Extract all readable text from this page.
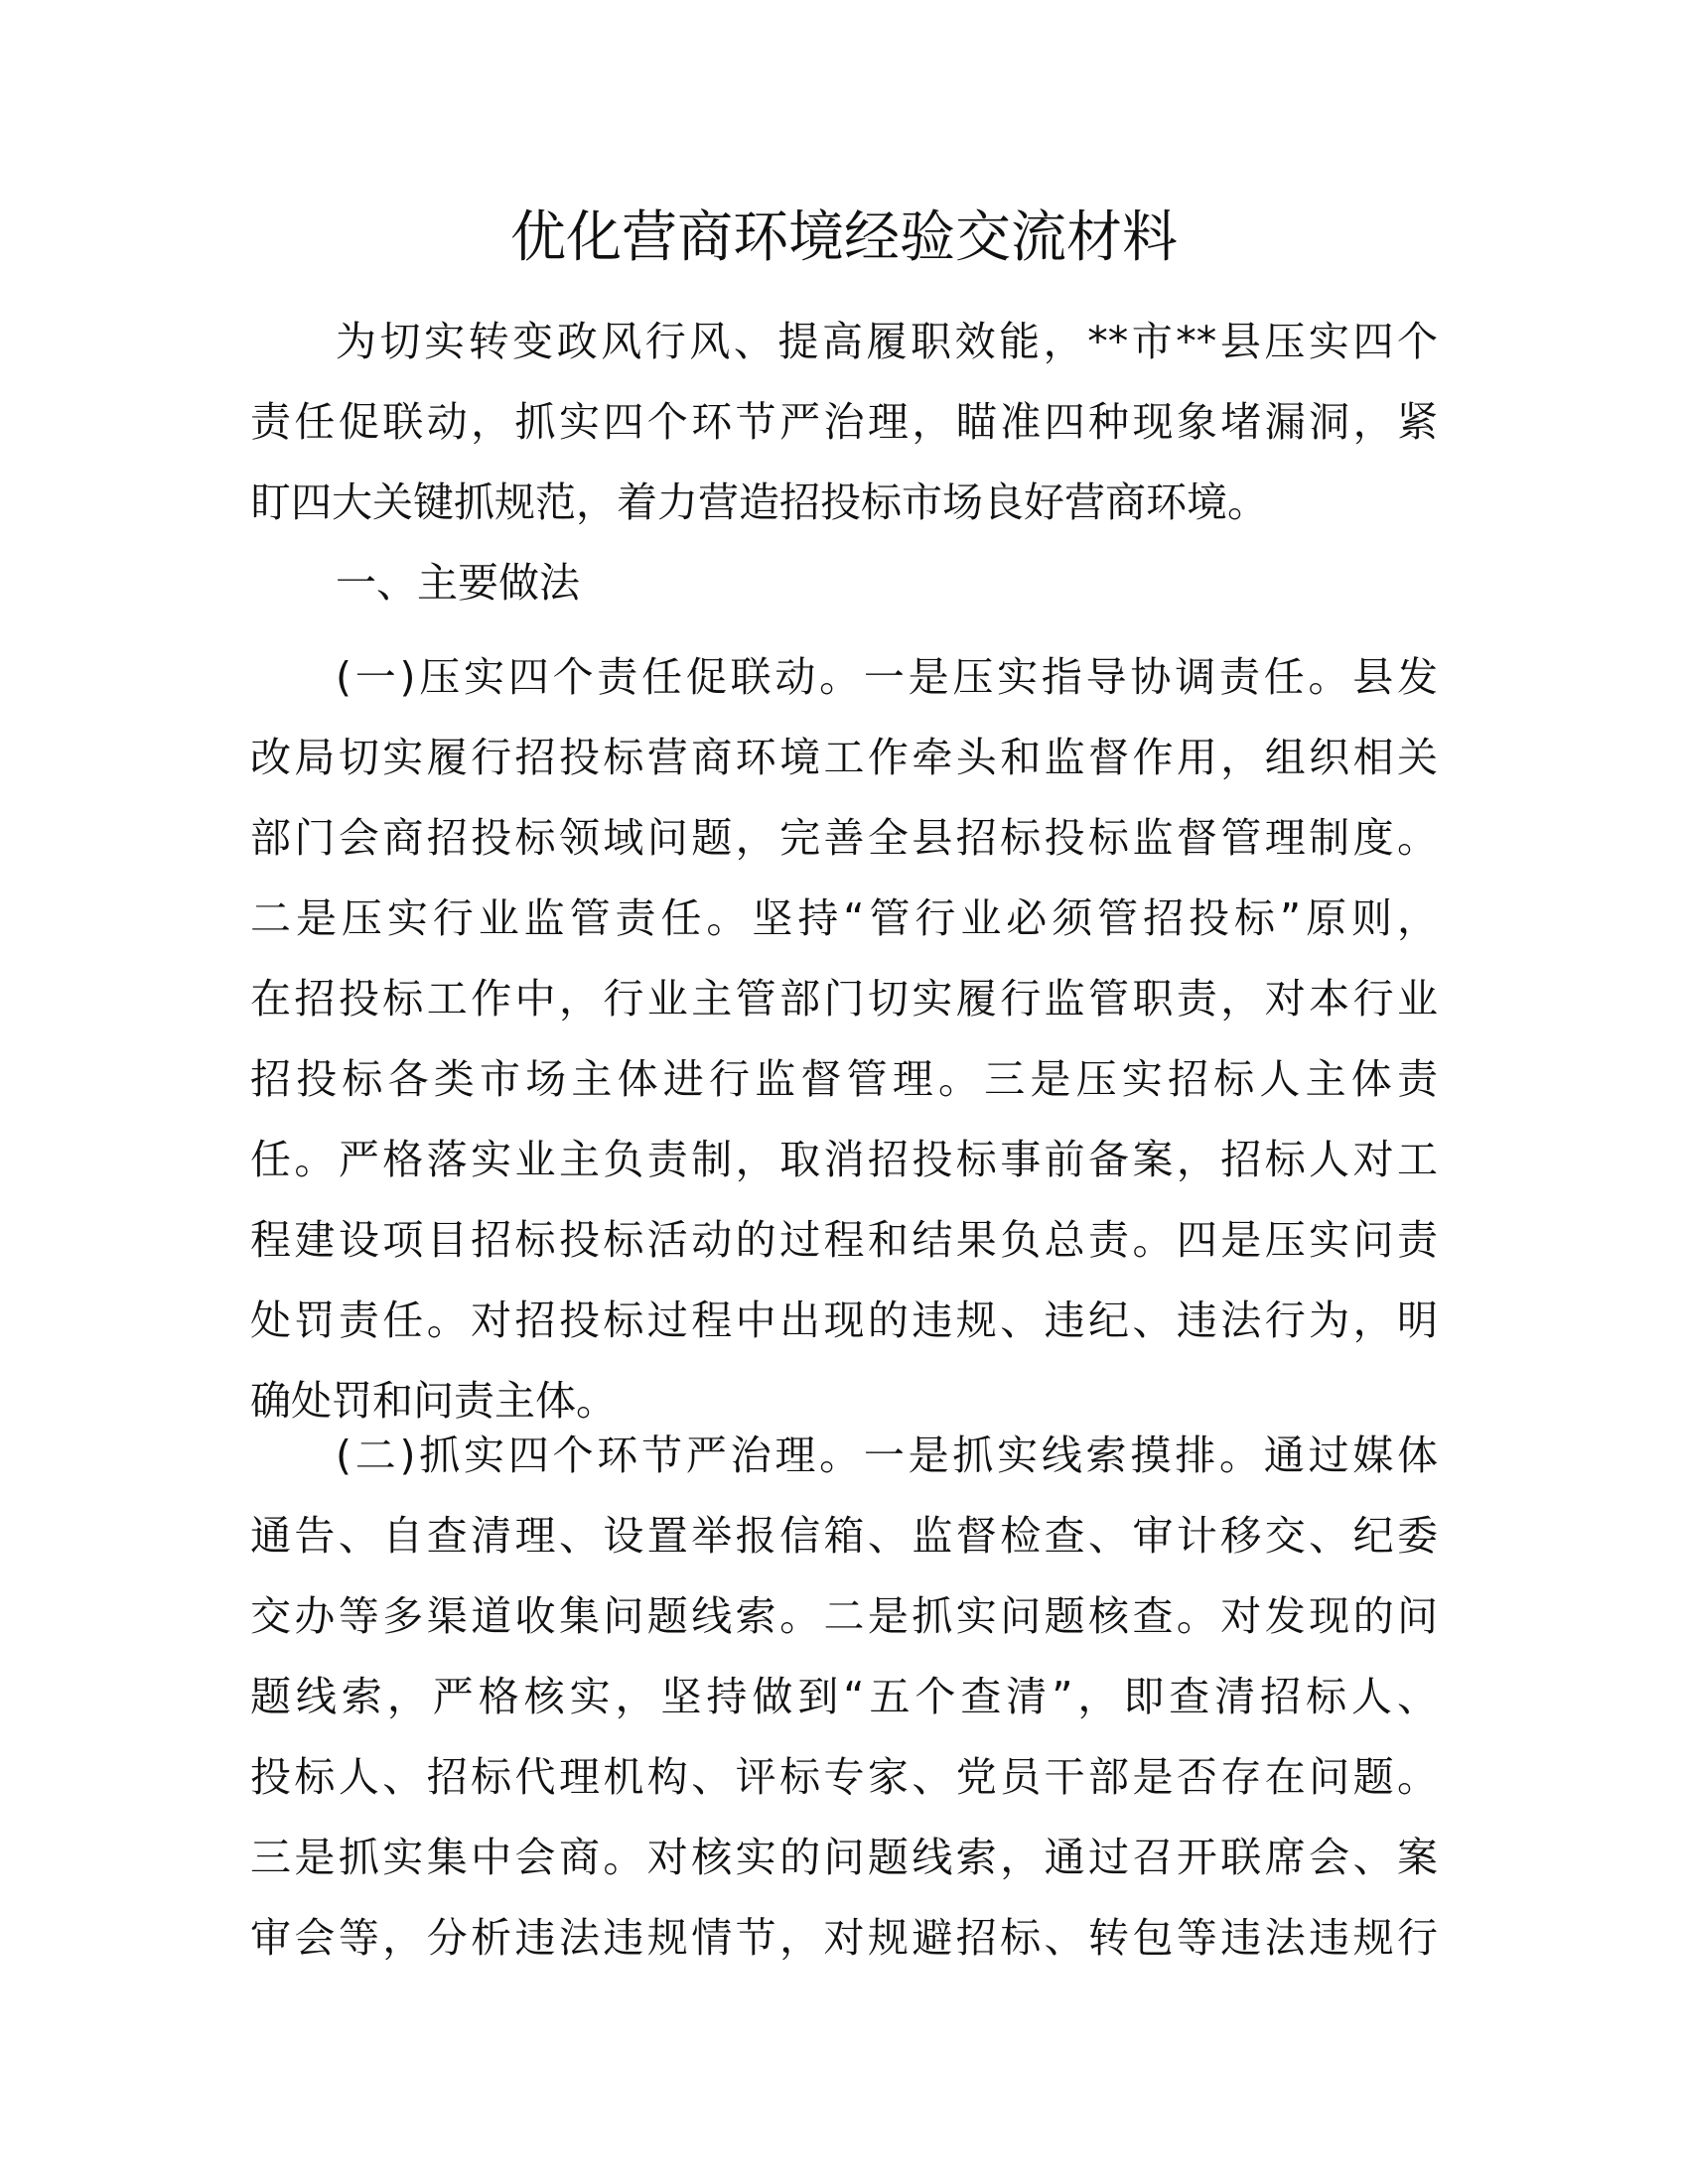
优化营商环境经验交流材料
为切实转变政风行风、提高履职效能，**市**县压实四个
责任促联动，抓实四个环节严治理，瞄准四种现象堵漏洞，紧
盯四大关键抓规范，着力营造招投标市场良好营商环境。
一、主要做法
(一)压实四个责任促联动。一是压实指导协调责任。县发
改局切实履行招投标营商环境工作牵头和监督作用，组织相关
部门会商招投标领域问题，完善全县招标投标监督管理制度。
二是压实行业监管责任。坚持“管行业必须管招投标”原则，
在招投标工作中，行业主管部门切实履行监管职责，对本行业
招投标各类市场主体进行监督管理。三是压实招标人主体责
任。严格落实业主负责制，取消招投标事前备案，招标人对工
程建设项目招标投标活动的过程和结果负总责。四是压实问责
处罚责任。对招投标过程中出现的违规、违纪、违法行为，明
确处罚和问责主体。
(二)抓实四个环节严治理。一是抓实线索摸排。通过媒体
通告、自查清理、设置举报信箱、监督检查、审计移交、纪委
交办等多渠道收集问题线索。二是抓实问题核查。对发现的问
题线索，严格核实，坚持做到“五个查清”，即查清招标人、
投标人、招标代理机构、评标专家、党员干部是否存在问题。
三是抓实集中会商。对核实的问题线索，通过召开联席会、案
审会等，分析违法违规情节，对规避招标、转包等违法违规行
